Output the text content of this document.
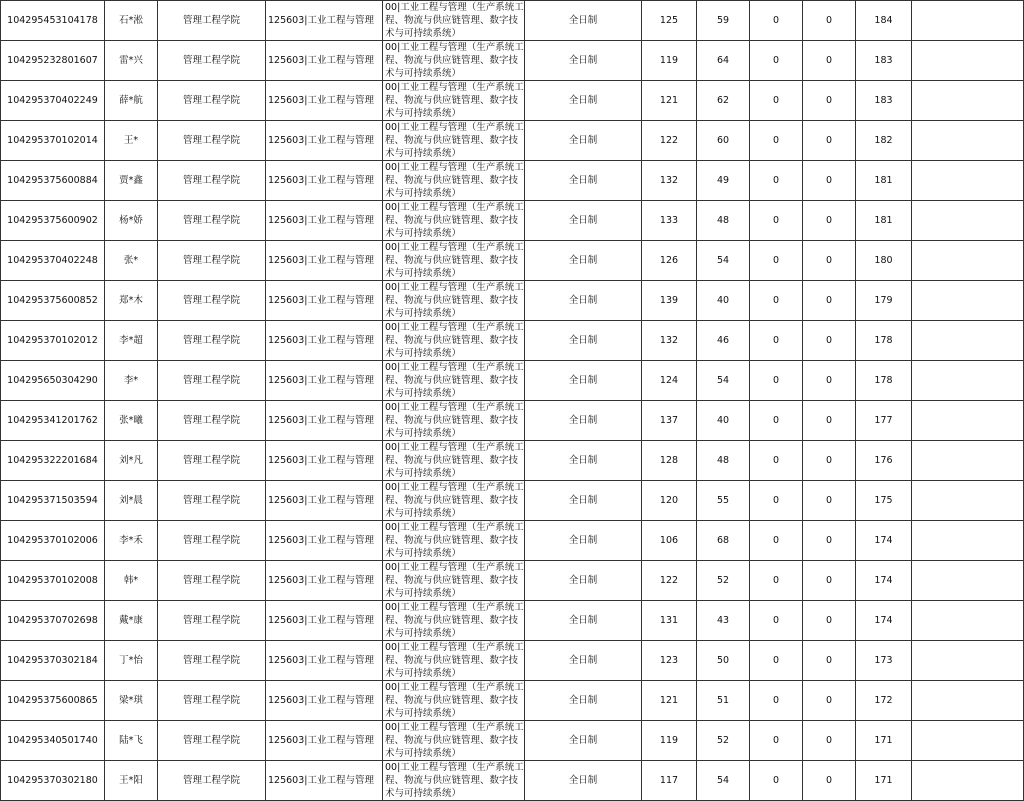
104295453104178	石*淞	管理工程学院	125603|工业工程与管理	00|工业工程与管理（生产系统工程、物流与供应链管理、数字技术与可持续系统）	全日制	125	59	0	0	184	
104295232801607	雷*兴	管理工程学院	125603|工业工程与管理	00|工业工程与管理（生产系统工程、物流与供应链管理、数字技术与可持续系统）	全日制	119	64	0	0	183	
104295370402249	薛*航	管理工程学院	125603|工业工程与管理	00|工业工程与管理（生产系统工程、物流与供应链管理、数字技术与可持续系统）	全日制	121	62	0	0	183	
104295370102014	王*	管理工程学院	125603|工业工程与管理	00|工业工程与管理（生产系统工程、物流与供应链管理、数字技术与可持续系统）	全日制	122	60	0	0	182	
104295375600884	贾*鑫	管理工程学院	125603|工业工程与管理	00|工业工程与管理（生产系统工程、物流与供应链管理、数字技术与可持续系统）	全日制	132	49	0	0	181	
104295375600902	杨*娇	管理工程学院	125603|工业工程与管理	00|工业工程与管理（生产系统工程、物流与供应链管理、数字技术与可持续系统）	全日制	133	48	0	0	181	
104295370402248	张*	管理工程学院	125603|工业工程与管理	00|工业工程与管理（生产系统工程、物流与供应链管理、数字技术与可持续系统）	全日制	126	54	0	0	180	
104295375600852	郑*木	管理工程学院	125603|工业工程与管理	00|工业工程与管理（生产系统工程、物流与供应链管理、数字技术与可持续系统）	全日制	139	40	0	0	179	
104295370102012	李*超	管理工程学院	125603|工业工程与管理	00|工业工程与管理（生产系统工程、物流与供应链管理、数字技术与可持续系统）	全日制	132	46	0	0	178	
104295650304290	李*	管理工程学院	125603|工业工程与管理	00|工业工程与管理（生产系统工程、物流与供应链管理、数字技术与可持续系统）	全日制	124	54	0	0	178	
104295341201762	张*曦	管理工程学院	125603|工业工程与管理	00|工业工程与管理（生产系统工程、物流与供应链管理、数字技术与可持续系统）	全日制	137	40	0	0	177	
104295322201684	刘*凡	管理工程学院	125603|工业工程与管理	00|工业工程与管理（生产系统工程、物流与供应链管理、数字技术与可持续系统）	全日制	128	48	0	0	176	
104295371503594	刘*晨	管理工程学院	125603|工业工程与管理	00|工业工程与管理（生产系统工程、物流与供应链管理、数字技术与可持续系统）	全日制	120	55	0	0	175	
104295370102006	李*禾	管理工程学院	125603|工业工程与管理	00|工业工程与管理（生产系统工程、物流与供应链管理、数字技术与可持续系统）	全日制	106	68	0	0	174	
104295370102008	韩*	管理工程学院	125603|工业工程与管理	00|工业工程与管理（生产系统工程、物流与供应链管理、数字技术与可持续系统）	全日制	122	52	0	0	174	
104295370702698	戴*康	管理工程学院	125603|工业工程与管理	00|工业工程与管理（生产系统工程、物流与供应链管理、数字技术与可持续系统）	全日制	131	43	0	0	174	
104295370302184	丁*怡	管理工程学院	125603|工业工程与管理	00|工业工程与管理（生产系统工程、物流与供应链管理、数字技术与可持续系统）	全日制	123	50	0	0	173	
104295375600865	梁*琪	管理工程学院	125603|工业工程与管理	00|工业工程与管理（生产系统工程、物流与供应链管理、数字技术与可持续系统）	全日制	121	51	0	0	172	
104295340501740	陆*飞	管理工程学院	125603|工业工程与管理	00|工业工程与管理（生产系统工程、物流与供应链管理、数字技术与可持续系统）	全日制	119	52	0	0	171	
104295370302180	王*阳	管理工程学院	125603|工业工程与管理	00|工业工程与管理（生产系统工程、物流与供应链管理、数字技术与可持续系统）	全日制	117	54	0	0	171	
